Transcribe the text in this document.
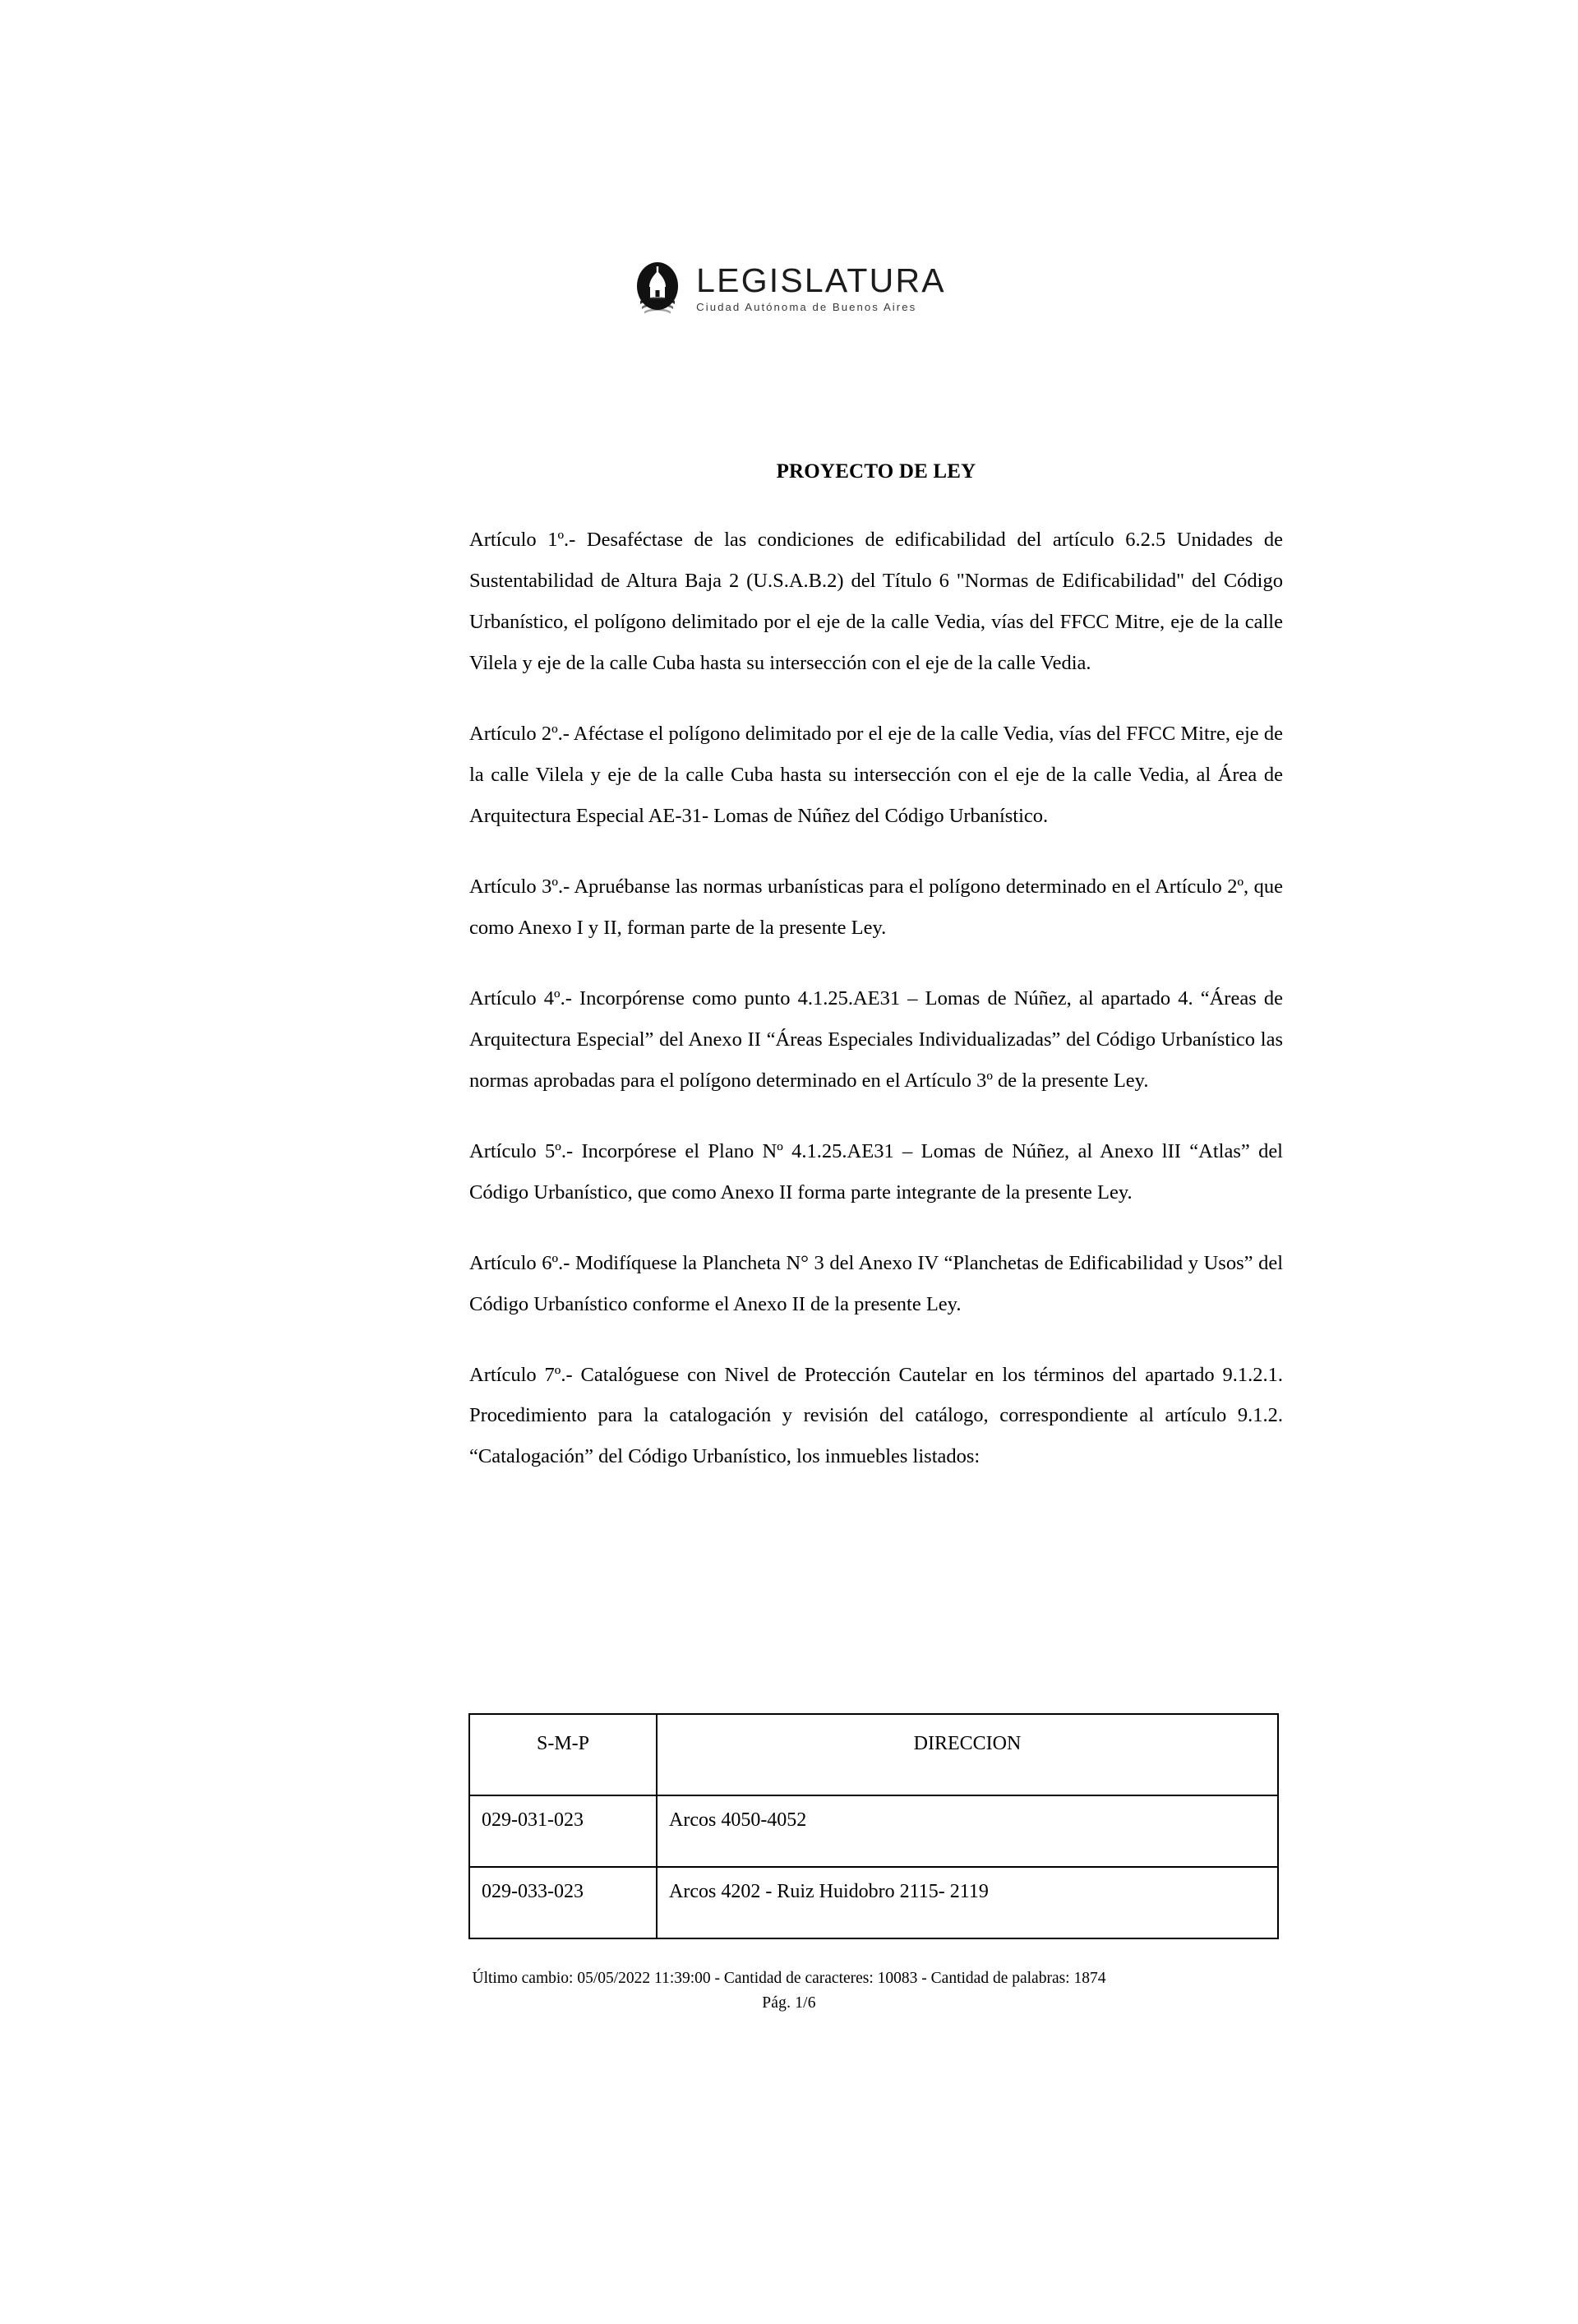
LEGISLATURA
Ciudad Autónoma de Buenos Aires
PROYECTO DE LEY

Artículo 1º.- Desaféctase de las condiciones de edificabilidad del artículo 6.2.5 Unidades de Sustentabilidad de Altura Baja 2 (U.S.A.B.2) del Título 6 "Normas de Edificabilidad" del Código Urbanístico, el polígono delimitado por el eje de la calle Vedia, vías del FFCC Mitre, eje de la calle Vilela y eje de la calle Cuba hasta su intersección con el eje de la calle Vedia.

Artículo 2º.- Aféctase el polígono delimitado por el eje de la calle Vedia, vías del FFCC Mitre, eje de la calle Vilela y eje de la calle Cuba hasta su intersección con el eje de la calle Vedia, al Área de Arquitectura Especial AE-31- Lomas de Núñez del Código Urbanístico.

Artículo 3º.- Apruébanse las normas urbanísticas para el polígono determinado en el Artículo 2º, que como Anexo I y II, forman parte de la presente Ley.

Artículo 4º.- Incorpórense como punto 4.1.25.AE31 – Lomas de Núñez, al apartado 4. “Áreas de Arquitectura Especial” del Anexo II “Áreas Especiales Individualizadas” del Código Urbanístico las normas aprobadas para el polígono determinado en el Artículo 3º de la presente Ley.

Artículo 5º.- Incorpórese el Plano Nº 4.1.25.AE31 – Lomas de Núñez, al Anexo lII “Atlas” del Código Urbanístico, que como Anexo II forma parte integrante de la presente Ley.

Artículo 6º.- Modifíquese la Plancheta N° 3 del Anexo IV “Planchetas de Edificabilidad y Usos” del Código Urbanístico conforme el Anexo II de la presente Ley.

Artículo 7º.- Catalóguese con Nivel de Protección Cautelar en los términos del apartado 9.1.2.1. Procedimiento para la catalogación y revisión del catálogo, correspondiente al artículo 9.1.2. “Catalogación” del Código Urbanístico, los inmuebles listados:

S-M-P	DIRECCION
029-031-023	Arcos 4050-4052
029-033-023	Arcos 4202 - Ruiz Huidobro 2115- 2119
Último cambio: 05/05/2022 11:39:00 - Cantidad de caracteres: 10083 - Cantidad de palabras: 1874
Pág. 1/6
